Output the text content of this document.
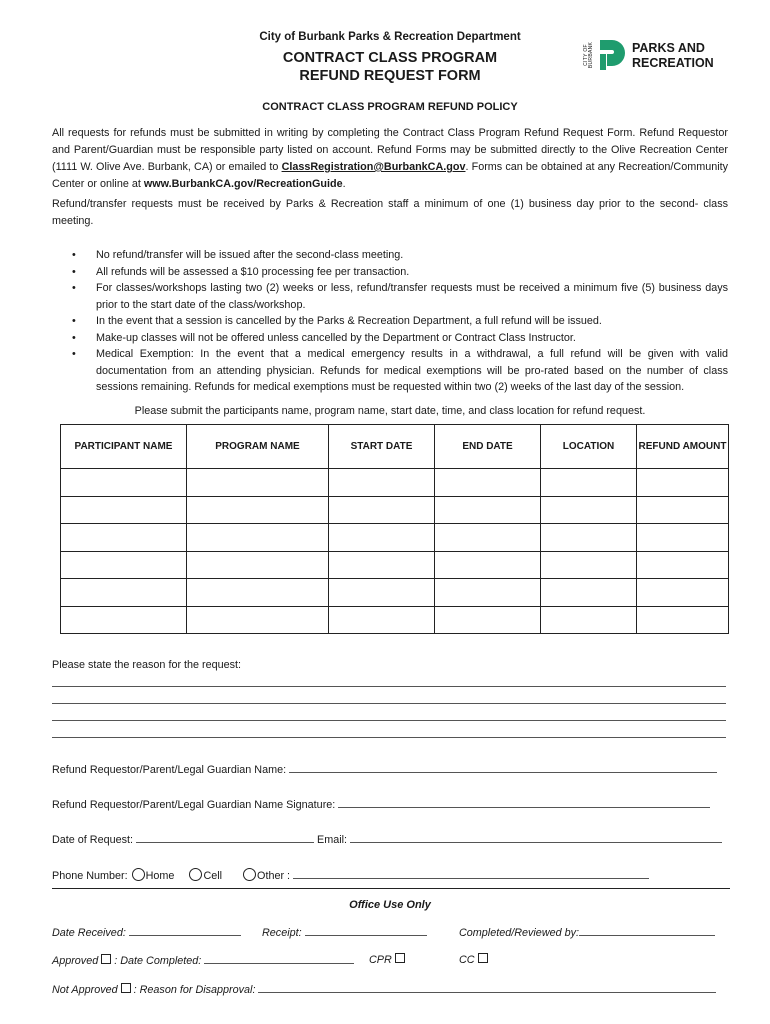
City of Burbank Parks & Recreation Department
CONTRACT CLASS PROGRAM
REFUND REQUEST FORM
CITY OF BURBANK	PARKS AND
RECREATION
CONTRACT CLASS PROGRAM REFUND POLICY
All requests for refunds must be submitted in writing by completing the Contract Class Program Refund Request Form. Refund Requestor and Parent/Guardian must be responsible party listed on account. Refund Forms may be submitted directly to the Olive Recreation Center (1111 W. Olive Ave. Burbank, CA) or emailed to ClassRegistration@BurbankCA.gov. Forms can be obtained at any Recreation/Community Center or online at www.BurbankCA.gov/RecreationGuide.
Refund/transfer requests must be received by Parks & Recreation staff a minimum of one (1) business day prior to the second- class meeting.
• No refund/transfer will be issued after the second-class meeting.
• All refunds will be assessed a $10 processing fee per transaction.
• For classes/workshops lasting two (2) weeks or less, refund/transfer requests must be received a minimum five (5) business days prior to the start date of the class/workshop.
• In the event that a session is cancelled by the Parks & Recreation Department, a full refund will be issued.
• Make-up classes will not be offered unless cancelled by the Department or Contract Class Instructor.
• Medical Exemption: In the event that a medical emergency results in a withdrawal, a full refund will be given with valid documentation from an attending physician. Refunds for medical exemptions will be pro-rated based on the number of class sessions remaining. Refunds for medical exemptions must be requested within two (2) weeks of the last day of the session.
Please submit the participants name, program name, start date, time, and class location for refund request.
PARTICIPANT NAME	PROGRAM NAME	START DATE	END DATE	LOCATION	REFUND AMOUNT

Please state the reason for the request:
Refund Requestor/Parent/Legal Guardian Name:
Refund Requestor/Parent/Legal Guardian Name Signature:
Date of Request:	Email:
Phone Number: Home	Cell	Other :
Office Use Only
Date Received:	Receipt:	Completed/Reviewed by:
Approved : Date Completed:	CPR	CC
Not Approved : Reason for Disapproval:
